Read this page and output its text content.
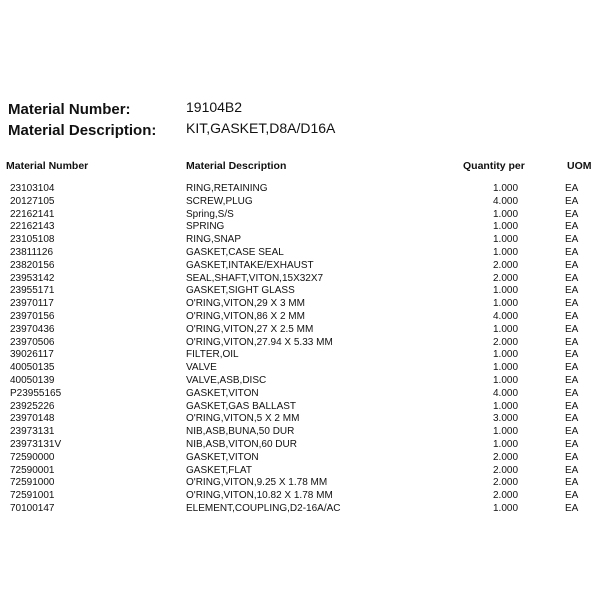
Material Number:	19104B2
Material Description: KIT,GASKET,D8A/D16A
Material Number	Material Description	Quantity per	UOM
23103104	RING,RETAINING	1.000	EA
20127105	SCREW,PLUG	4.000	EA
22162141	Spring,S/S	1.000	EA
22162143	SPRING	1.000	EA
23105108	RING,SNAP	1.000	EA
23811126	GASKET,CASE SEAL	1.000	EA
23820156	GASKET,INTAKE/EXHAUST	2.000	EA
23953142	SEAL,SHAFT,VITON,15X32X7	2.000	EA
23955171	GASKET,SIGHT GLASS	1.000	EA
23970117	O'RING,VITON,29 X 3 MM	1.000	EA
23970156	O'RING,VITON,86 X 2 MM	4.000	EA
23970436	O'RING,VITON,27 X 2.5 MM	1.000	EA
23970506	O'RING,VITON,27.94 X 5.33 MM	2.000	EA
39026117	FILTER,OIL	1.000	EA
40050135	VALVE	1.000	EA
40050139	VALVE,ASB,DISC	1.000	EA
P23955165	GASKET,VITON	4.000	EA
23925226	GASKET,GAS BALLAST	1.000	EA
23970148	O'RING,VITON,5 X 2 MM	3.000	EA
23973131	NIB,ASB,BUNA,50 DUR	1.000	EA
23973131V	NIB,ASB,VITON,60 DUR	1.000	EA
72590000	GASKET,VITON	2.000	EA
72590001	GASKET,FLAT	2.000	EA
72591000	O'RING,VITON,9.25 X 1.78 MM	2.000	EA
72591001	O'RING,VITON,10.82 X 1.78 MM	2.000	EA
70100147	ELEMENT,COUPLING,D2-16A/AC	1.000	EA
